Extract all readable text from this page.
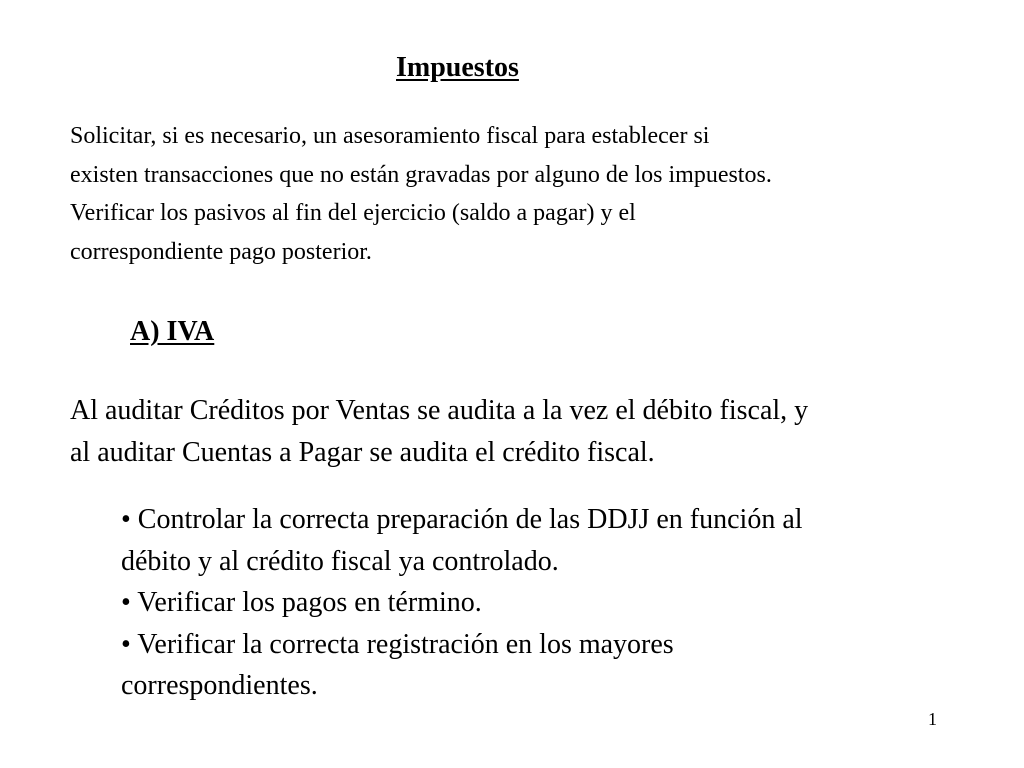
Impuestos

Solicitar, si es necesario, un asesoramiento fiscal para establecer si
existen transacciones que no están gravadas por alguno de los impuestos.
Verificar los pasivos al fin del ejercicio (saldo a pagar) y el
correspondiente pago posterior.

A) IVA

Al auditar Créditos por Ventas se audita a la vez el débito fiscal, y
al auditar Cuentas a Pagar se audita el crédito fiscal.

• Controlar la correcta preparación de las DDJJ en función al
débito y al crédito fiscal ya controlado.
• Verificar los pagos en término.
• Verificar la correcta registración en los mayores
correspondientes.
1
